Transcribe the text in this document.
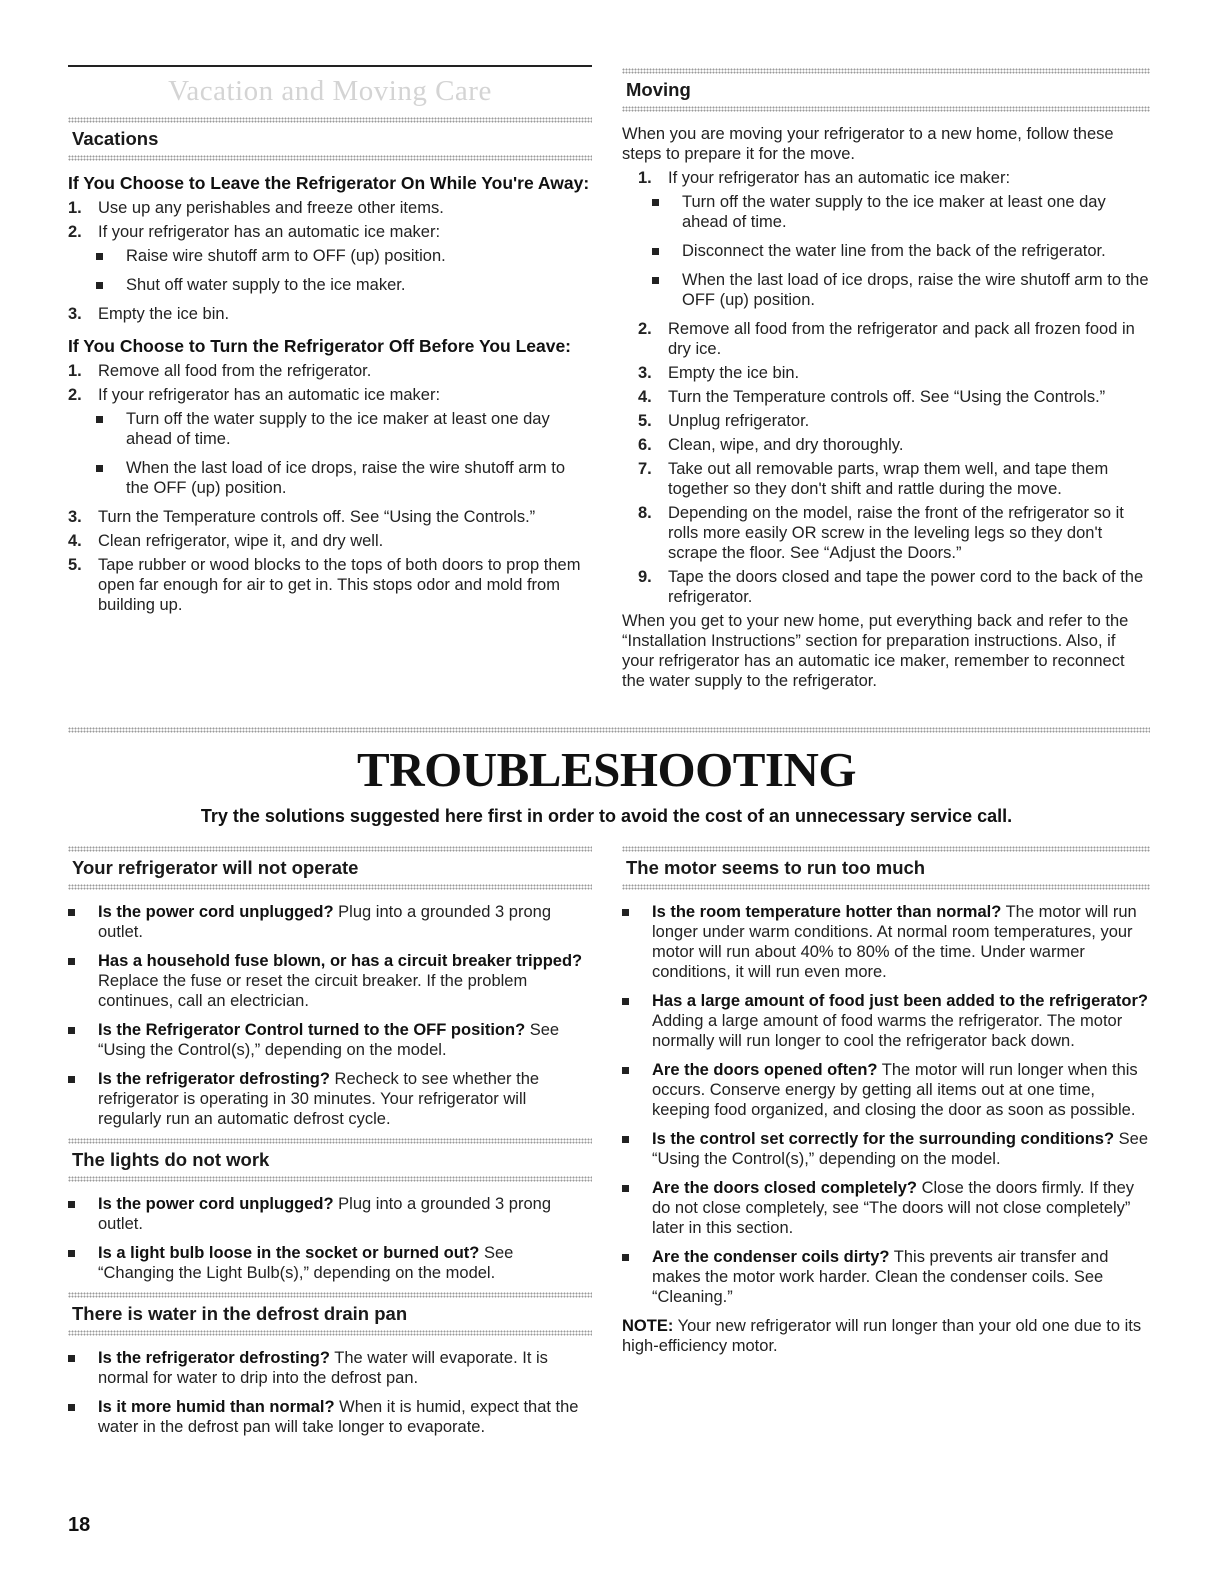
Vacation and Moving Care
Vacations
If You Choose to Leave the Refrigerator On While You're Away:
1. Use up any perishables and freeze other items.
2. If your refrigerator has an automatic ice maker:
Raise wire shutoff arm to OFF (up) position.
Shut off water supply to the ice maker.
3. Empty the ice bin.
If You Choose to Turn the Refrigerator Off Before You Leave:
1. Remove all food from the refrigerator.
2. If your refrigerator has an automatic ice maker:
Turn off the water supply to the ice maker at least one day ahead of time.
When the last load of ice drops, raise the wire shutoff arm to the OFF (up) position.
3. Turn the Temperature controls off. See “Using the Controls.”
4. Clean refrigerator, wipe it, and dry well.
5. Tape rubber or wood blocks to the tops of both doors to prop them open far enough for air to get in. This stops odor and mold from building up.
Moving

When you are moving your refrigerator to a new home, follow these steps to prepare it for the move.

1. If your refrigerator has an automatic ice maker:
Turn off the water supply to the ice maker at least one day ahead of time.
Disconnect the water line from the back of the refrigerator.
When the last load of ice drops, raise the wire shutoff arm to the OFF (up) position.
2. Remove all food from the refrigerator and pack all frozen food in dry ice.
3. Empty the ice bin.
4. Turn the Temperature controls off. See “Using the Controls.”
5. Unplug refrigerator.
6. Clean, wipe, and dry thoroughly.
7. Take out all removable parts, wrap them well, and tape them together so they don't shift and rattle during the move.
8. Depending on the model, raise the front of the refrigerator so it rolls more easily OR screw in the leveling legs so they don't scrape the floor. See “Adjust the Doors.”
9. Tape the doors closed and tape the power cord to the back of the refrigerator.

When you get to your new home, put everything back and refer to the “Installation Instructions” section for preparation instructions. Also, if your refrigerator has an automatic ice maker, remember to reconnect the water supply to the refrigerator.

TROUBLESHOOTING
Try the solutions suggested here first in order to avoid the cost of an unnecessary service call.
Your refrigerator will not operate
Is the power cord unplugged? Plug into a grounded 3 prong outlet.
Has a household fuse blown, or has a circuit breaker tripped? Replace the fuse or reset the circuit breaker. If the problem continues, call an electrician.
Is the Refrigerator Control turned to the OFF position? See “Using the Control(s),” depending on the model.
Is the refrigerator defrosting? Recheck to see whether the refrigerator is operating in 30 minutes. Your refrigerator will regularly run an automatic defrost cycle.
The lights do not work
Is the power cord unplugged? Plug into a grounded 3 prong outlet.
Is a light bulb loose in the socket or burned out? See “Changing the Light Bulb(s),” depending on the model.
There is water in the defrost drain pan
Is the refrigerator defrosting? The water will evaporate. It is normal for water to drip into the defrost pan.
Is it more humid than normal? When it is humid, expect that the water in the defrost pan will take longer to evaporate.
The motor seems to run too much
Is the room temperature hotter than normal? The motor will run longer under warm conditions. At normal room temperatures, your motor will run about 40% to 80% of the time. Under warmer conditions, it will run even more.
Has a large amount of food just been added to the refrigerator? Adding a large amount of food warms the refrigerator. The motor normally will run longer to cool the refrigerator back down.
Are the doors opened often? The motor will run longer when this occurs. Conserve energy by getting all items out at one time, keeping food organized, and closing the door as soon as possible.
Is the control set correctly for the surrounding conditions? See “Using the Control(s),” depending on the model.
Are the doors closed completely? Close the doors firmly. If they do not close completely, see “The doors will not close completely” later in this section.
Are the condenser coils dirty? This prevents air transfer and makes the motor work harder. Clean the condenser coils. See “Cleaning.”

NOTE: Your new refrigerator will run longer than your old one due to its high-efficiency motor.

18
